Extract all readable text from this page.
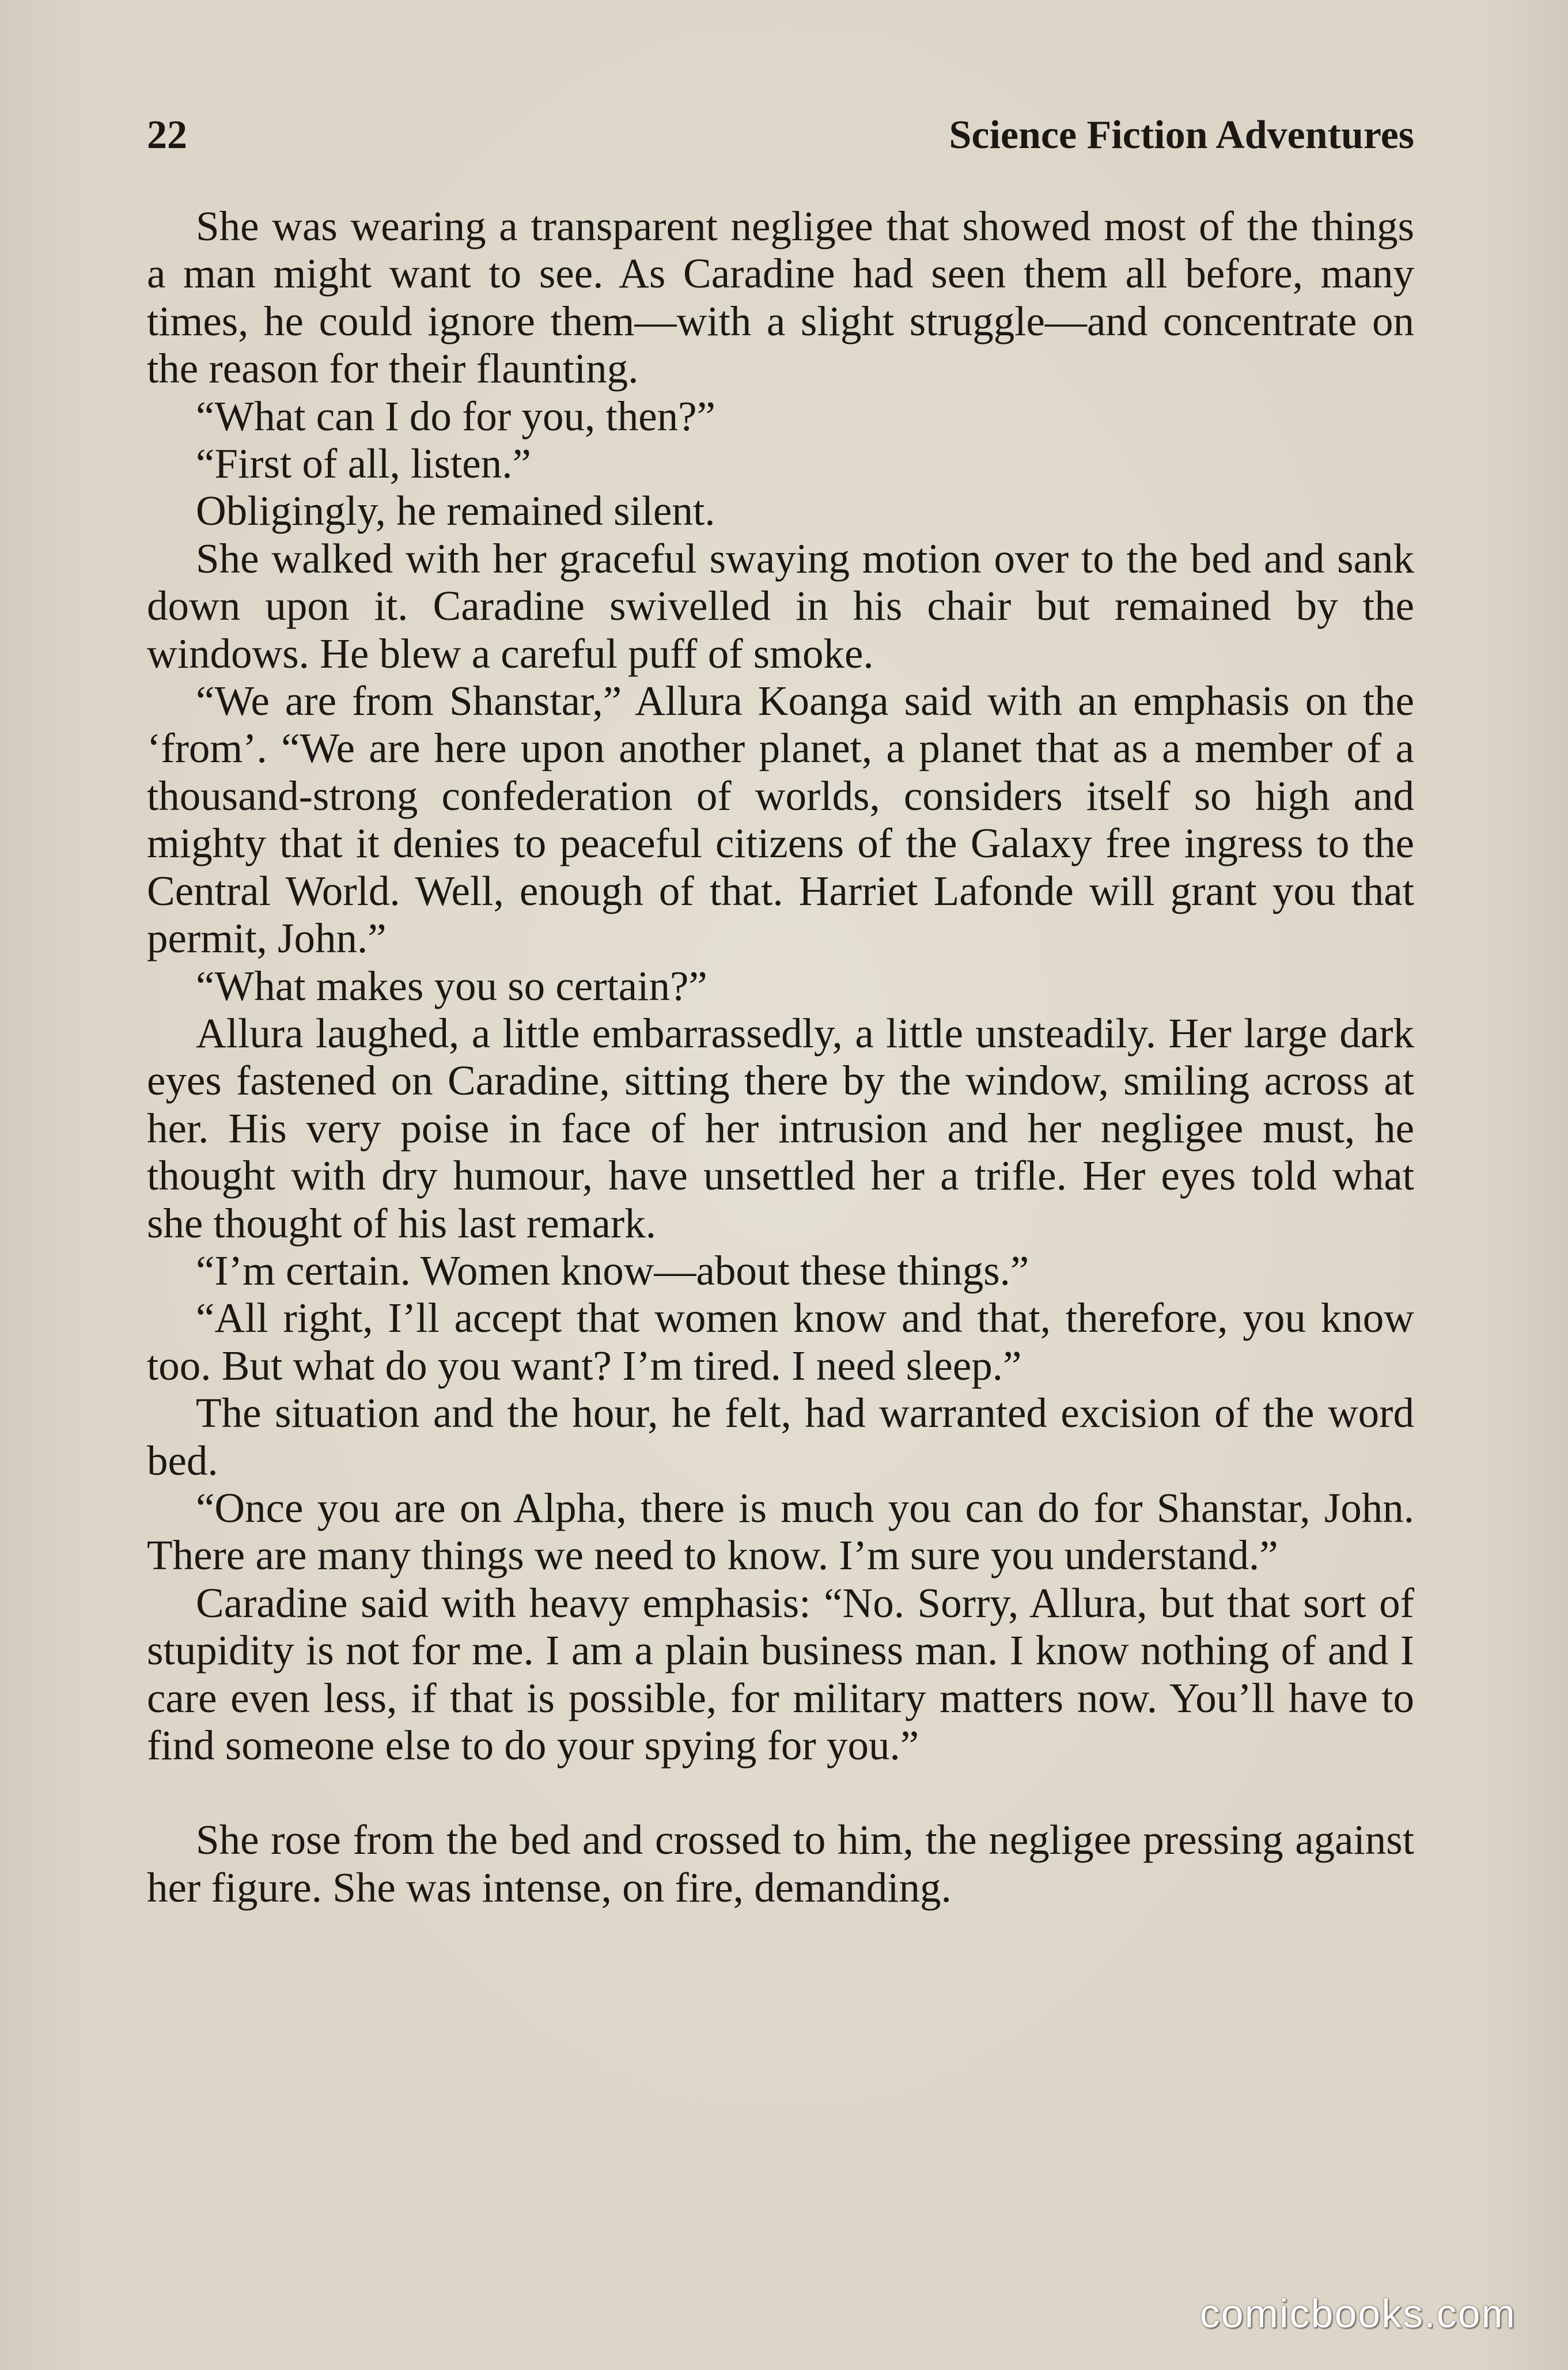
22	Science Fiction Adventures

She was wearing a transparent negligee that showed most of the things a man might want to see. As Caradine had seen them all before, many times, he could ignore them—with a slight struggle—and concentrate on the reason for their flaunting.

“What can I do for you, then?”

“First of all, listen.”

Obligingly, he remained silent.

She walked with her graceful swaying motion over to the bed and sank down upon it. Caradine swivelled in his chair but remained by the windows. He blew a careful puff of smoke.

“We are from Shanstar,” Allura Koanga said with an emphasis on the ‘from’. “We are here upon another planet, a planet that as a member of a thousand-strong confederation of worlds, considers itself so high and mighty that it denies to peaceful citizens of the Galaxy free ingress to the Central World. Well, enough of that. Harriet Lafonde will grant you that permit, John.”

“What makes you so certain?”

Allura laughed, a little embarrassedly, a little unsteadily. Her large dark eyes fastened on Caradine, sitting there by the window, smiling across at her. His very poise in face of her intrusion and her negligee must, he thought with dry humour, have unsettled her a trifle. Her eyes told what she thought of his last remark.

“I’m certain. Women know—about these things.”

“All right, I’ll accept that women know and that, therefore, you know too. But what do you want? I’m tired. I need sleep.”

The situation and the hour, he felt, had warranted excision of the word bed.

“Once you are on Alpha, there is much you can do for Shanstar, John. There are many things we need to know. I’m sure you understand.”

Caradine said with heavy emphasis: “No. Sorry, Allura, but that sort of stupidity is not for me. I am a plain business man. I know nothing of and I care even less, if that is possible, for military matters now. You’ll have to find someone else to do your spying for you.”

She rose from the bed and crossed to him, the negligee pressing against her figure. She was intense, on fire, demanding.

comicbooks.com
